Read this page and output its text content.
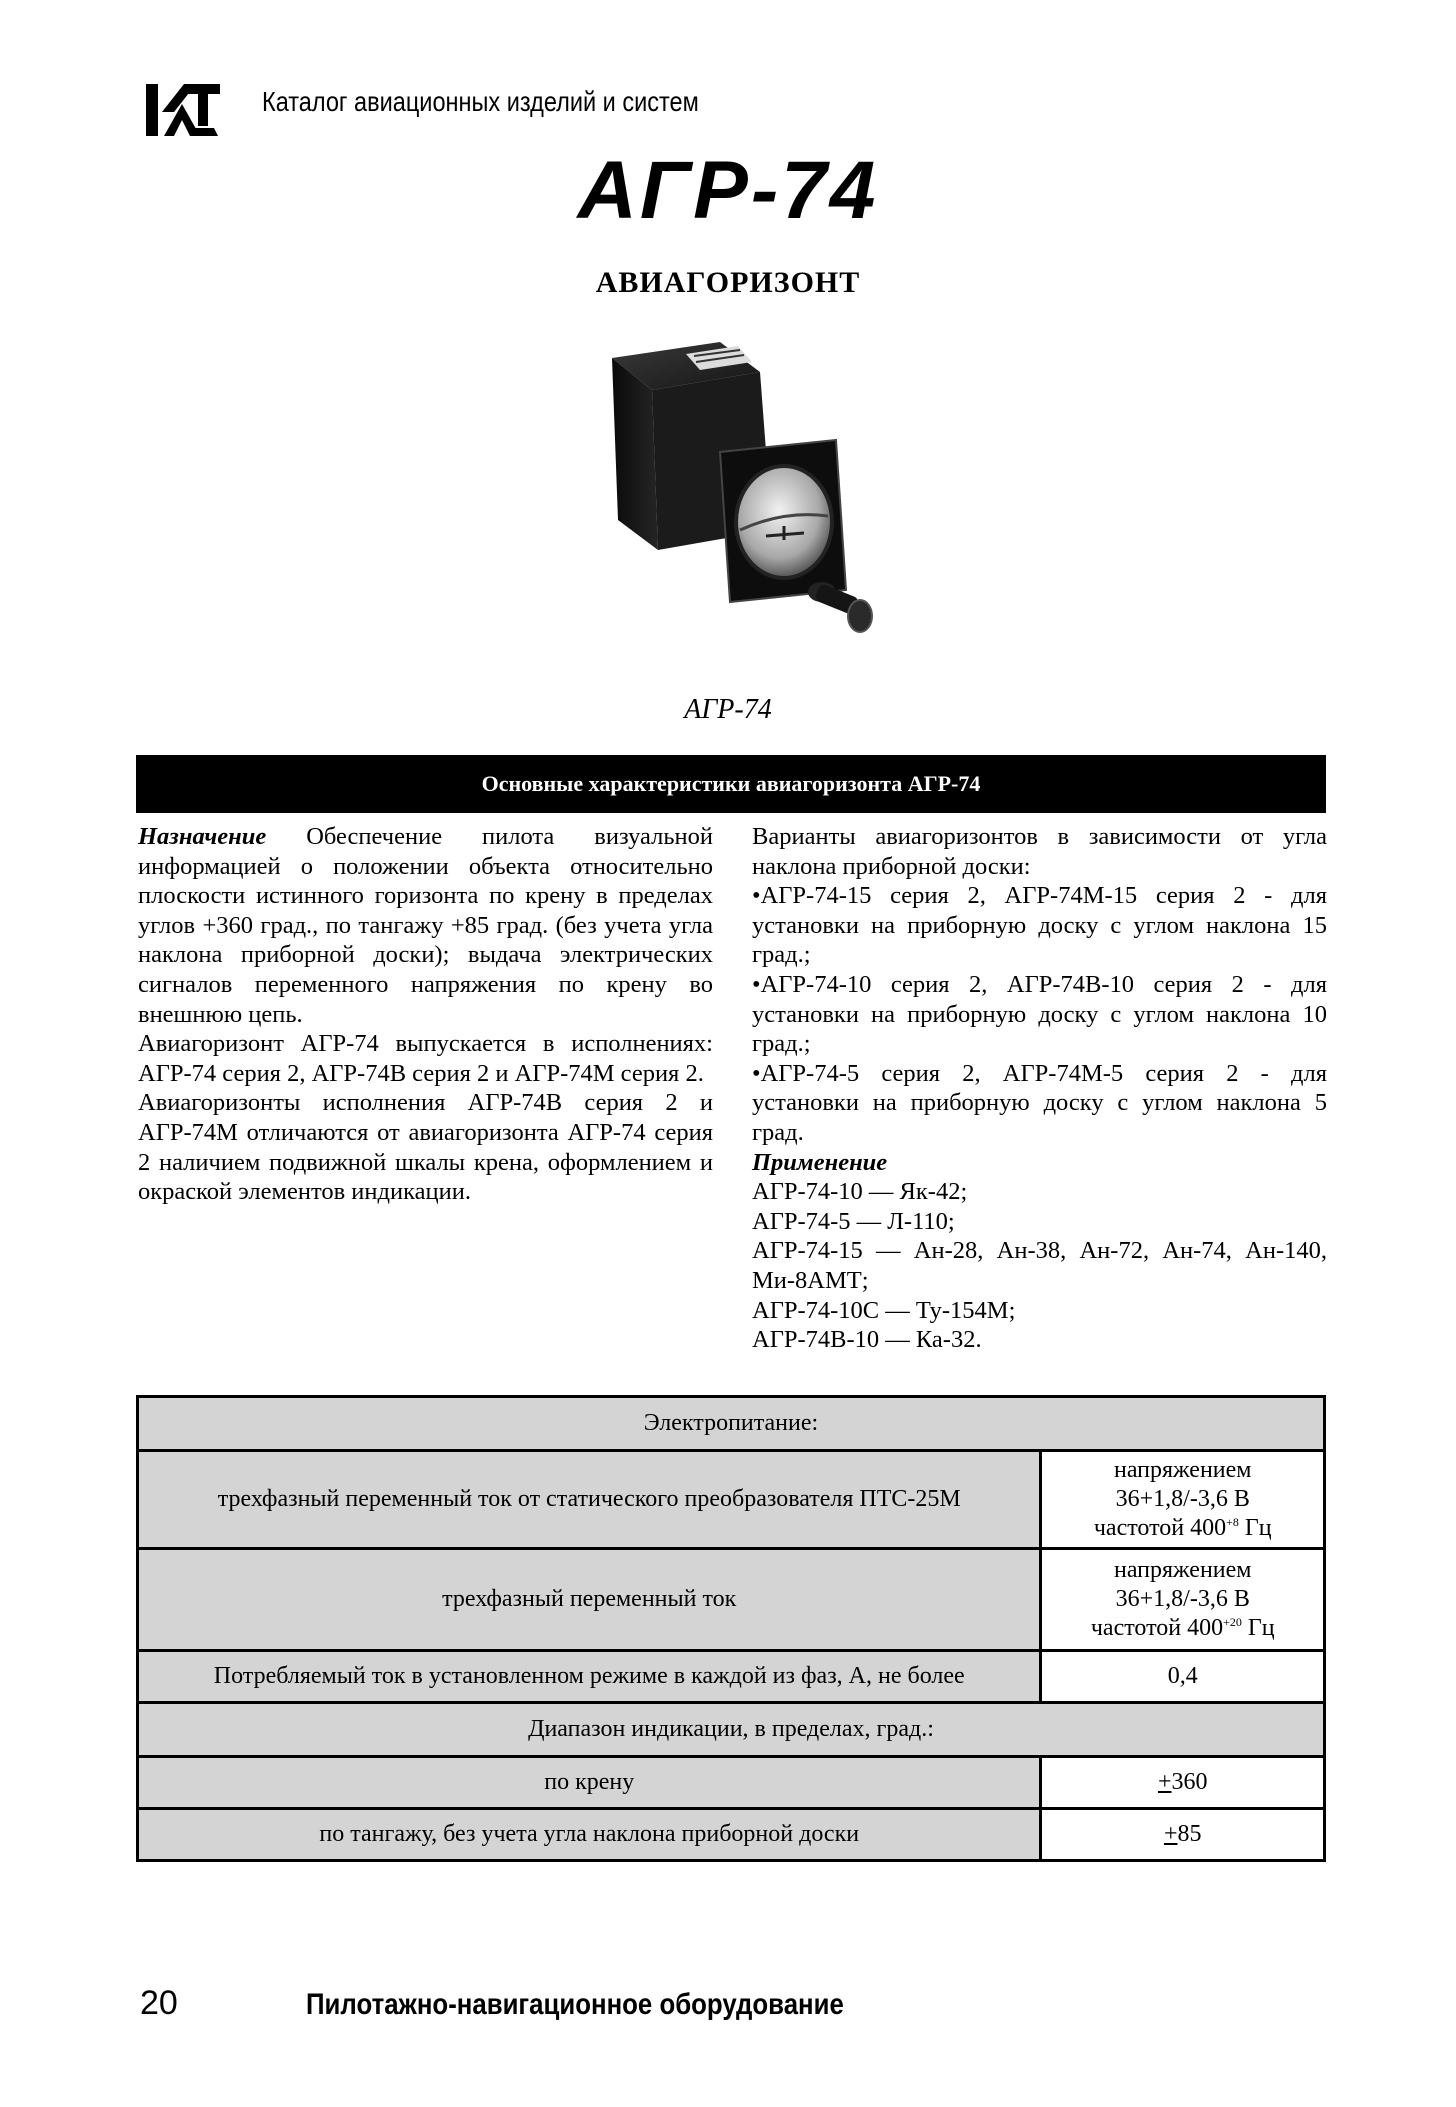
Каталог авиационных изделий и систем
АГР-74
АВИАГОРИЗОНТ
АГР-74
Основные характеристики авиагоризонта АГР-74

Назначение Обеспечение пилота визуальной информацией о положении объекта относительно плоскости истинного горизонта по крену в пределах углов +360 град., по тангажу +85 град. (без учета угла наклона приборной доски); выдача электрических сигналов переменного напряжения по крену во внешнюю цепь.

Авиагоризонт АГР-74 выпускается в исполнениях: АГР-74 серия 2, АГР-74В серия 2 и АГР-74М серия 2.

Авиагоризонты исполнения АГР-74В серия 2 и АГР-74М отличаются от авиагоризонта АГР-74 серия 2 наличием подвижной шкалы крена, оформлением и окраской элементов индикации.

Варианты авиагоризонтов в зависимости от угла наклона приборной доски:

•АГР-74-15 серия 2, АГР-74М-15 серия 2 - для установки на приборную доску с углом наклона 15 град.;

•АГР-74-10 серия 2, АГР-74В-10 серия 2 - для установки на приборную доску с углом наклона 10 град.;

•АГР-74-5 серия 2, АГР-74М-5 серия 2 - для установки на приборную доску с углом наклона 5 град.

Применение

АГР-74-10 — Як-42;

АГР-74-5 — Л-110;

АГР-74-15 — Ан-28, Ан-38, Ан-72, Ан-74, Ан-140, Ми-8АМТ;

АГР-74-10С — Ту-154М;

АГР-74В-10 — Ка-32.

Электропитание:	
трехфазный переменный ток от статического преобразователя ПТС-25М	напряжением
36+1,8/-3,6 В
частотой $400^{+8}$ Гц

трехфазный переменный ток	напряжением
36+1,8/-3,6 В
частотой $400^{+20}$ Гц

Потребляемый ток в установленном режиме в каждой из фаз, А, не более	0,4
Диапазон индикации, в пределах, град.:	
по крену	+360
по тангажу, без учета угла наклона приборной доски	+85
20	Пилотажно-навигационное оборудование
